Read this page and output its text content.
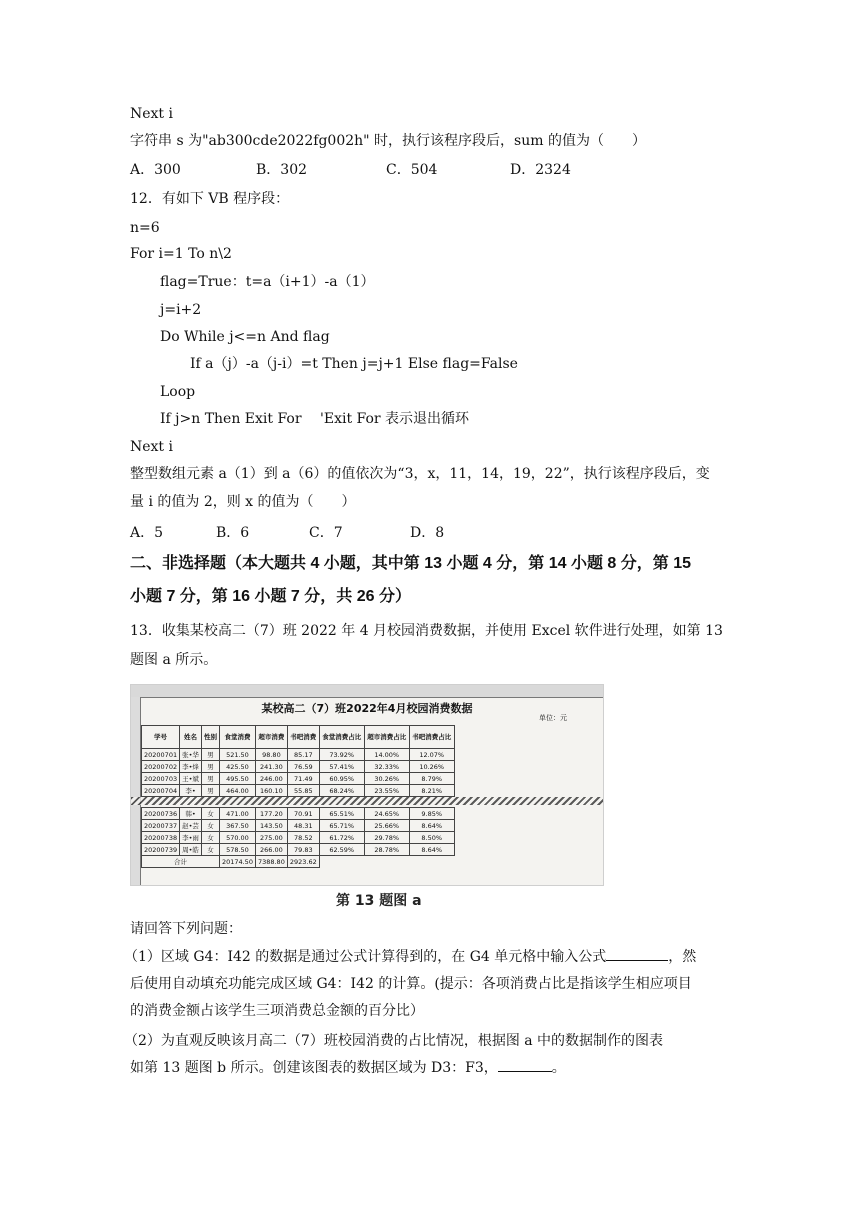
Next i
字符串 s 为"ab300cde2022fg002h" 时，执行该程序段后，sum 的值为（　　）
A．300	B．302	C．504	D．2324
12．有如下 VB 程序段：
n=6
For i=1 To n\2
flag=True：t=a（i+1）-a（1）
j=i+2
Do While j<=n And flag
If a（j）-a（j-i）=t Then j=j+1 Else flag=False
Loop
If j>n Then Exit For 'Exit For 表示退出循环
Next i
整型数组元素 a（1）到 a（6）的值依次为“3，x，11，14，19，22”，执行该程序段后，变
量 i 的值为 2，则 x 的值为（　　）
A．5	B．6	C．7	D．8
二、非选择题（本大题共 4 小题，其中第 13 小题 4 分，第 14 小题 8 分，第 15
小题 7 分，第 16 小题 7 分，共 26 分）
13．收集某校高二（7）班 2022 年 4 月校园消费数据，并使用 Excel 软件进行处理，如第 13
题图 a 所示。
某校高二（7）班2022年4月校园消费数据
单位：元
学号	姓名	性别	食堂消费	超市消费	书吧消费	食堂消费占比	超市消费占比	书吧消费占比
20200701	张•华	男	521.50	98.80	85.17	73.92%	14.00%	12.07%
20200702	李•烽	男	425.50	241.30	76.59	57.41%	32.33%	10.26%
20200703	王•斌	男	495.50	246.00	71.49	60.95%	30.26%	8.79%
20200704	李•	男	464.00	160.10	55.85	68.24%	23.55%	8.21%

20200736	韩•	女	471.00	177.20	70.91	65.51%	24.65%	9.85%
20200737	赵•芸	女	367.50	143.50	48.31	65.71%	25.66%	8.64%
20200738	李•雨	女	570.00	275.00	78.52	61.72%	29.78%	8.50%
20200739	周•皓	女	578.50	266.00	79.83	62.59%	28.78%	8.64%
合计			20174.50	7388.80	2923.62			
第 13 题图 a
请回答下列问题：
（1）区域 G4：I42 的数据是通过公式计算得到的，在 G4 单元格中输入公式	，然
后使用自动填充功能完成区域 G4：I42 的计算。(提示：各项消费占比是指该学生相应项目
的消费金额占该学生三项消费总金额的百分比）
（2）为直观反映该月高二（7）班校园消费的占比情况，根据图 a 中的数据制作的图表
如第 13 题图 b 所示。创建该图表的数据区域为 D3：F3，	。
